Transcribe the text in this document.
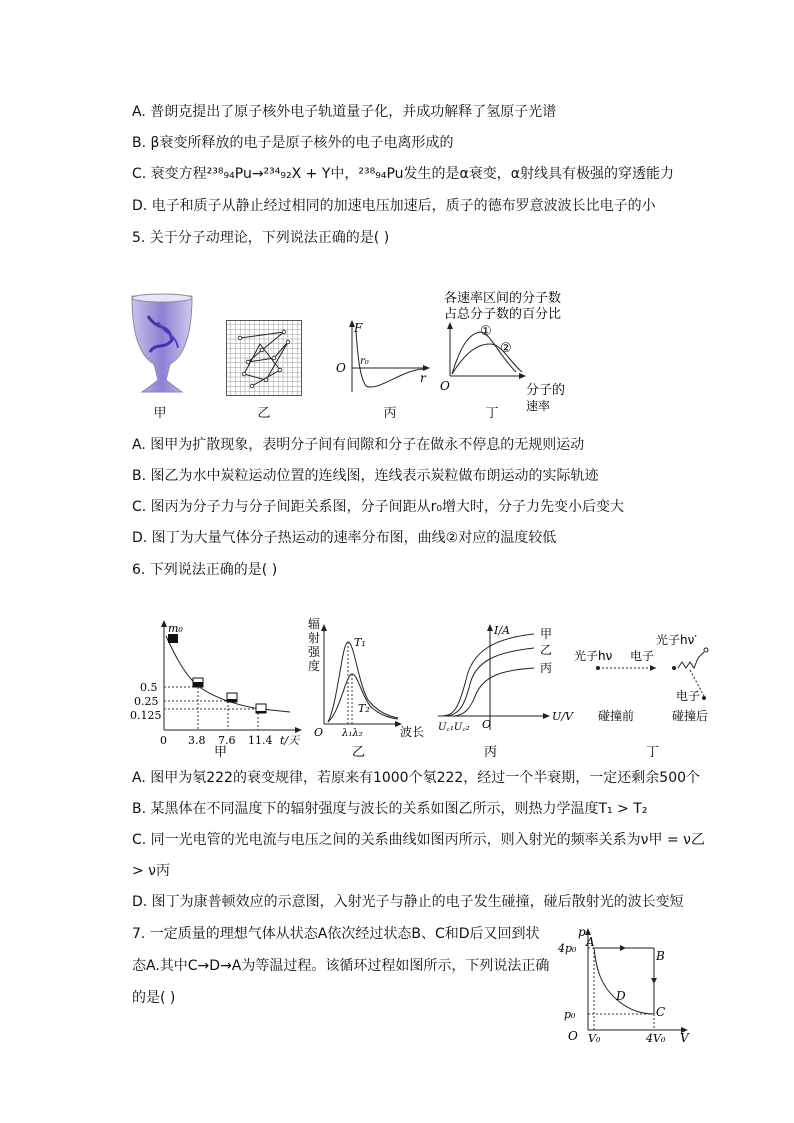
A. 普朗克提出了原子核外电子轨道量子化，并成功解释了氢原子光谱
B. β衰变所释放的电子是原子核外的电子电离形成的
C. 衰变方程²³⁸₉₄Pu→²³⁴₉₂X + Y中，²³⁸₉₄Pu发生的是α衰变，α射线具有极强的穿透能力
D. 电子和质子从静止经过相同的加速电压加速后，质子的德布罗意波波长比电子的小
5. 关于分子动理论，下列说法正确的是( )
甲	乙
F
r₀
O
r
丙
各速率区间的分子数
占总分子数的百分比
①
②
O	分子的
速率
丁
A. 图甲为扩散现象，表明分子间有间隙和分子在做永不停息的无规则运动
B. 图乙为水中炭粒运动位置的连线图，连线表示炭粒做布朗运动的实际轨迹
C. 图丙为分子力与分子间距关系图，分子间距从r₀增大时，分子力先变小后变大
D. 图丁为大量气体分子热运动的速率分布图，曲线②对应的温度较低
6. 下列说法正确的是( )
m₀
0.5
0.25
0.125
0 3.8 7.6 11.4 t/天
甲
辐
射
强
度
T₁
T₂
O λ₁λ₂	波长
乙
I/A	甲
乙
丙
U꜀₁U꜀₂ O
U/V
丙
光子hν 电子
光子hν′
电子
碰撞前	碰撞后
丁
A. 图甲为氡222的衰变规律，若原来有1000个氡222，经过一个半衰期，一定还剩余500个
B. 某黑体在不同温度下的辐射强度与波长的关系如图乙所示，则热力学温度T₁ > T₂
C. 同一光电管的光电流与电压之间的关系曲线如图丙所示，则入射光的频率关系为ν甲 = ν乙
> ν丙
D. 图丁为康普顿效应的示意图，入射光子与静止的电子发生碰撞，碰后散射光的波长变短
7. 一定质量的理想气体从状态A依次经过状态B、C和D后又回到状
态A.其中C→D→A为等温过程。该循环过程如图所示，下列说法正确
的是( )
p
4p₀
p₀
A
B
C
D
O V₀	4V₀ V
